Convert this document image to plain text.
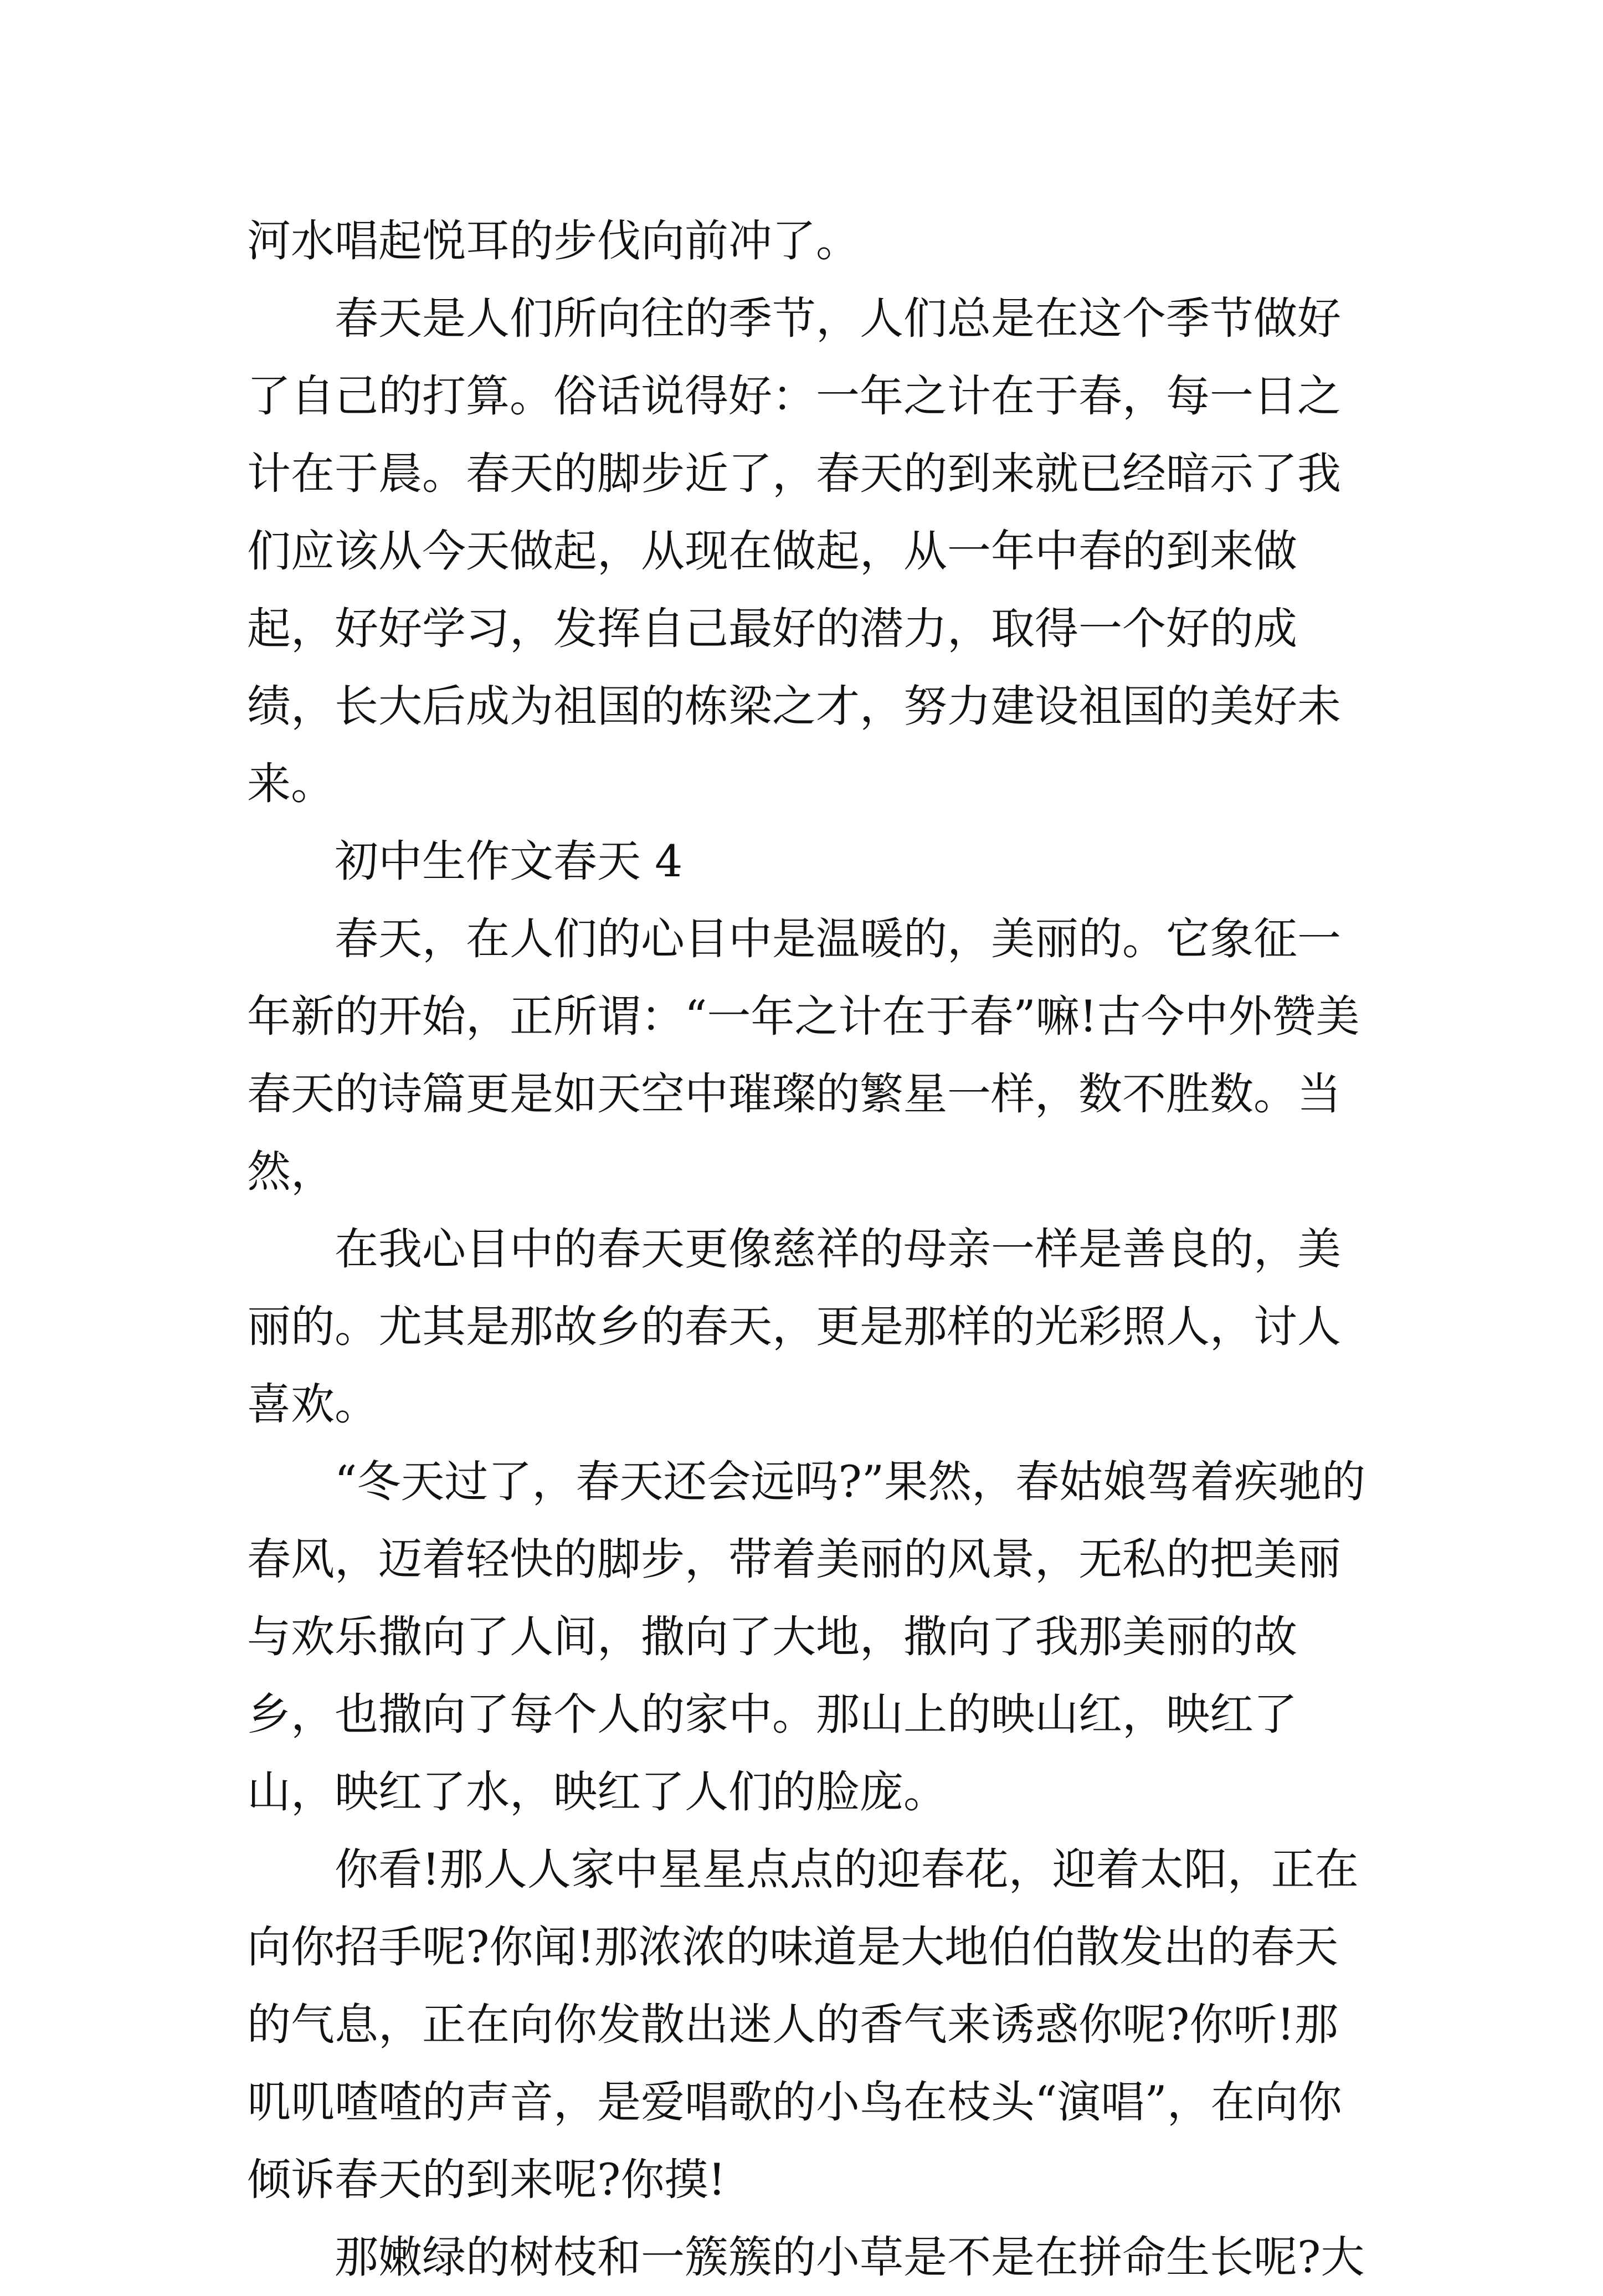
河水唱起悦耳的步伐向前冲了。

春天是人们所向往的季节，人们总是在这个季节做好了自己的打算。俗话说得好：一年之计在于春，每一日之计在于晨。春天的脚步近了，春天的到来就已经暗示了我们应该从今天做起，从现在做起，从一年中春的到来做起，好好学习，发挥自己最好的潜力，取得一个好的成绩，长大后成为祖国的栋梁之才，努力建设祖国的美好未来。

初中生作文春天 4

春天，在人们的心目中是温暖的，美丽的。它象征一年新的开始，正所谓：“一年之计在于春”嘛!古今中外赞美春天的诗篇更是如天空中璀璨的繁星一样，数不胜数。当然，

在我心目中的春天更像慈祥的母亲一样是善良的，美丽的。尤其是那故乡的春天，更是那样的光彩照人，讨人喜欢。

“冬天过了，春天还会远吗?”果然，春姑娘驾着疾驰的春风，迈着轻快的脚步，带着美丽的风景，无私的把美丽与欢乐撒向了人间，撒向了大地，撒向了我那美丽的故乡，也撒向了每个人的家中。那山上的映山红，映红了山，映红了水，映红了人们的脸庞。

你看!那人人家中星星点点的迎春花，迎着太阳，正在向你招手呢?你闻!那浓浓的味道是大地伯伯散发出的春天的气息，正在向你发散出迷人的香气来诱惑你呢?你听!那叽叽喳喳的声音，是爱唱歌的小鸟在枝头“演唱”，在向你倾诉春天的到来呢?你摸!

那嫩绿的树枝和一簇簇的小草是不是在拼命生长呢?大
